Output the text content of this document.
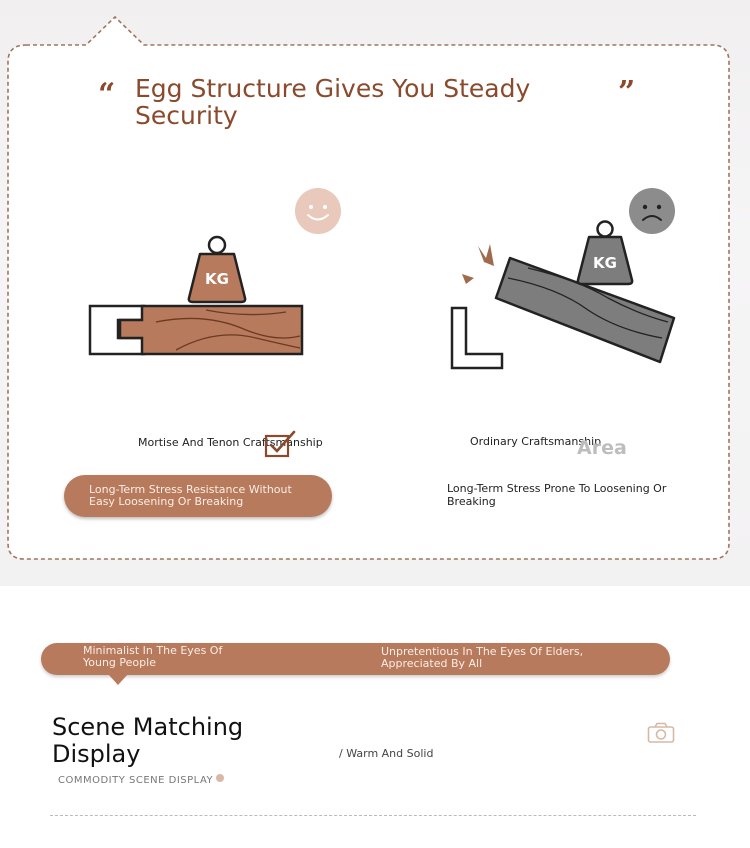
“	”
Egg Structure Gives You Steady Security
KG
KG
Mortise And Tenon Craftsmanship	Ordinary Craftsmanship
Area
Long-Term Stress Resistance Without Easy Loosening Or Breaking
Long-Term Stress Prone To Loosening Or Breaking
Minimalist In The Eyes Of Young People
Unpretentious In The Eyes Of Elders, Appreciated By All
Scene Matching Display
COMMODITY SCENE DISPLAY
/ Warm And Solid
